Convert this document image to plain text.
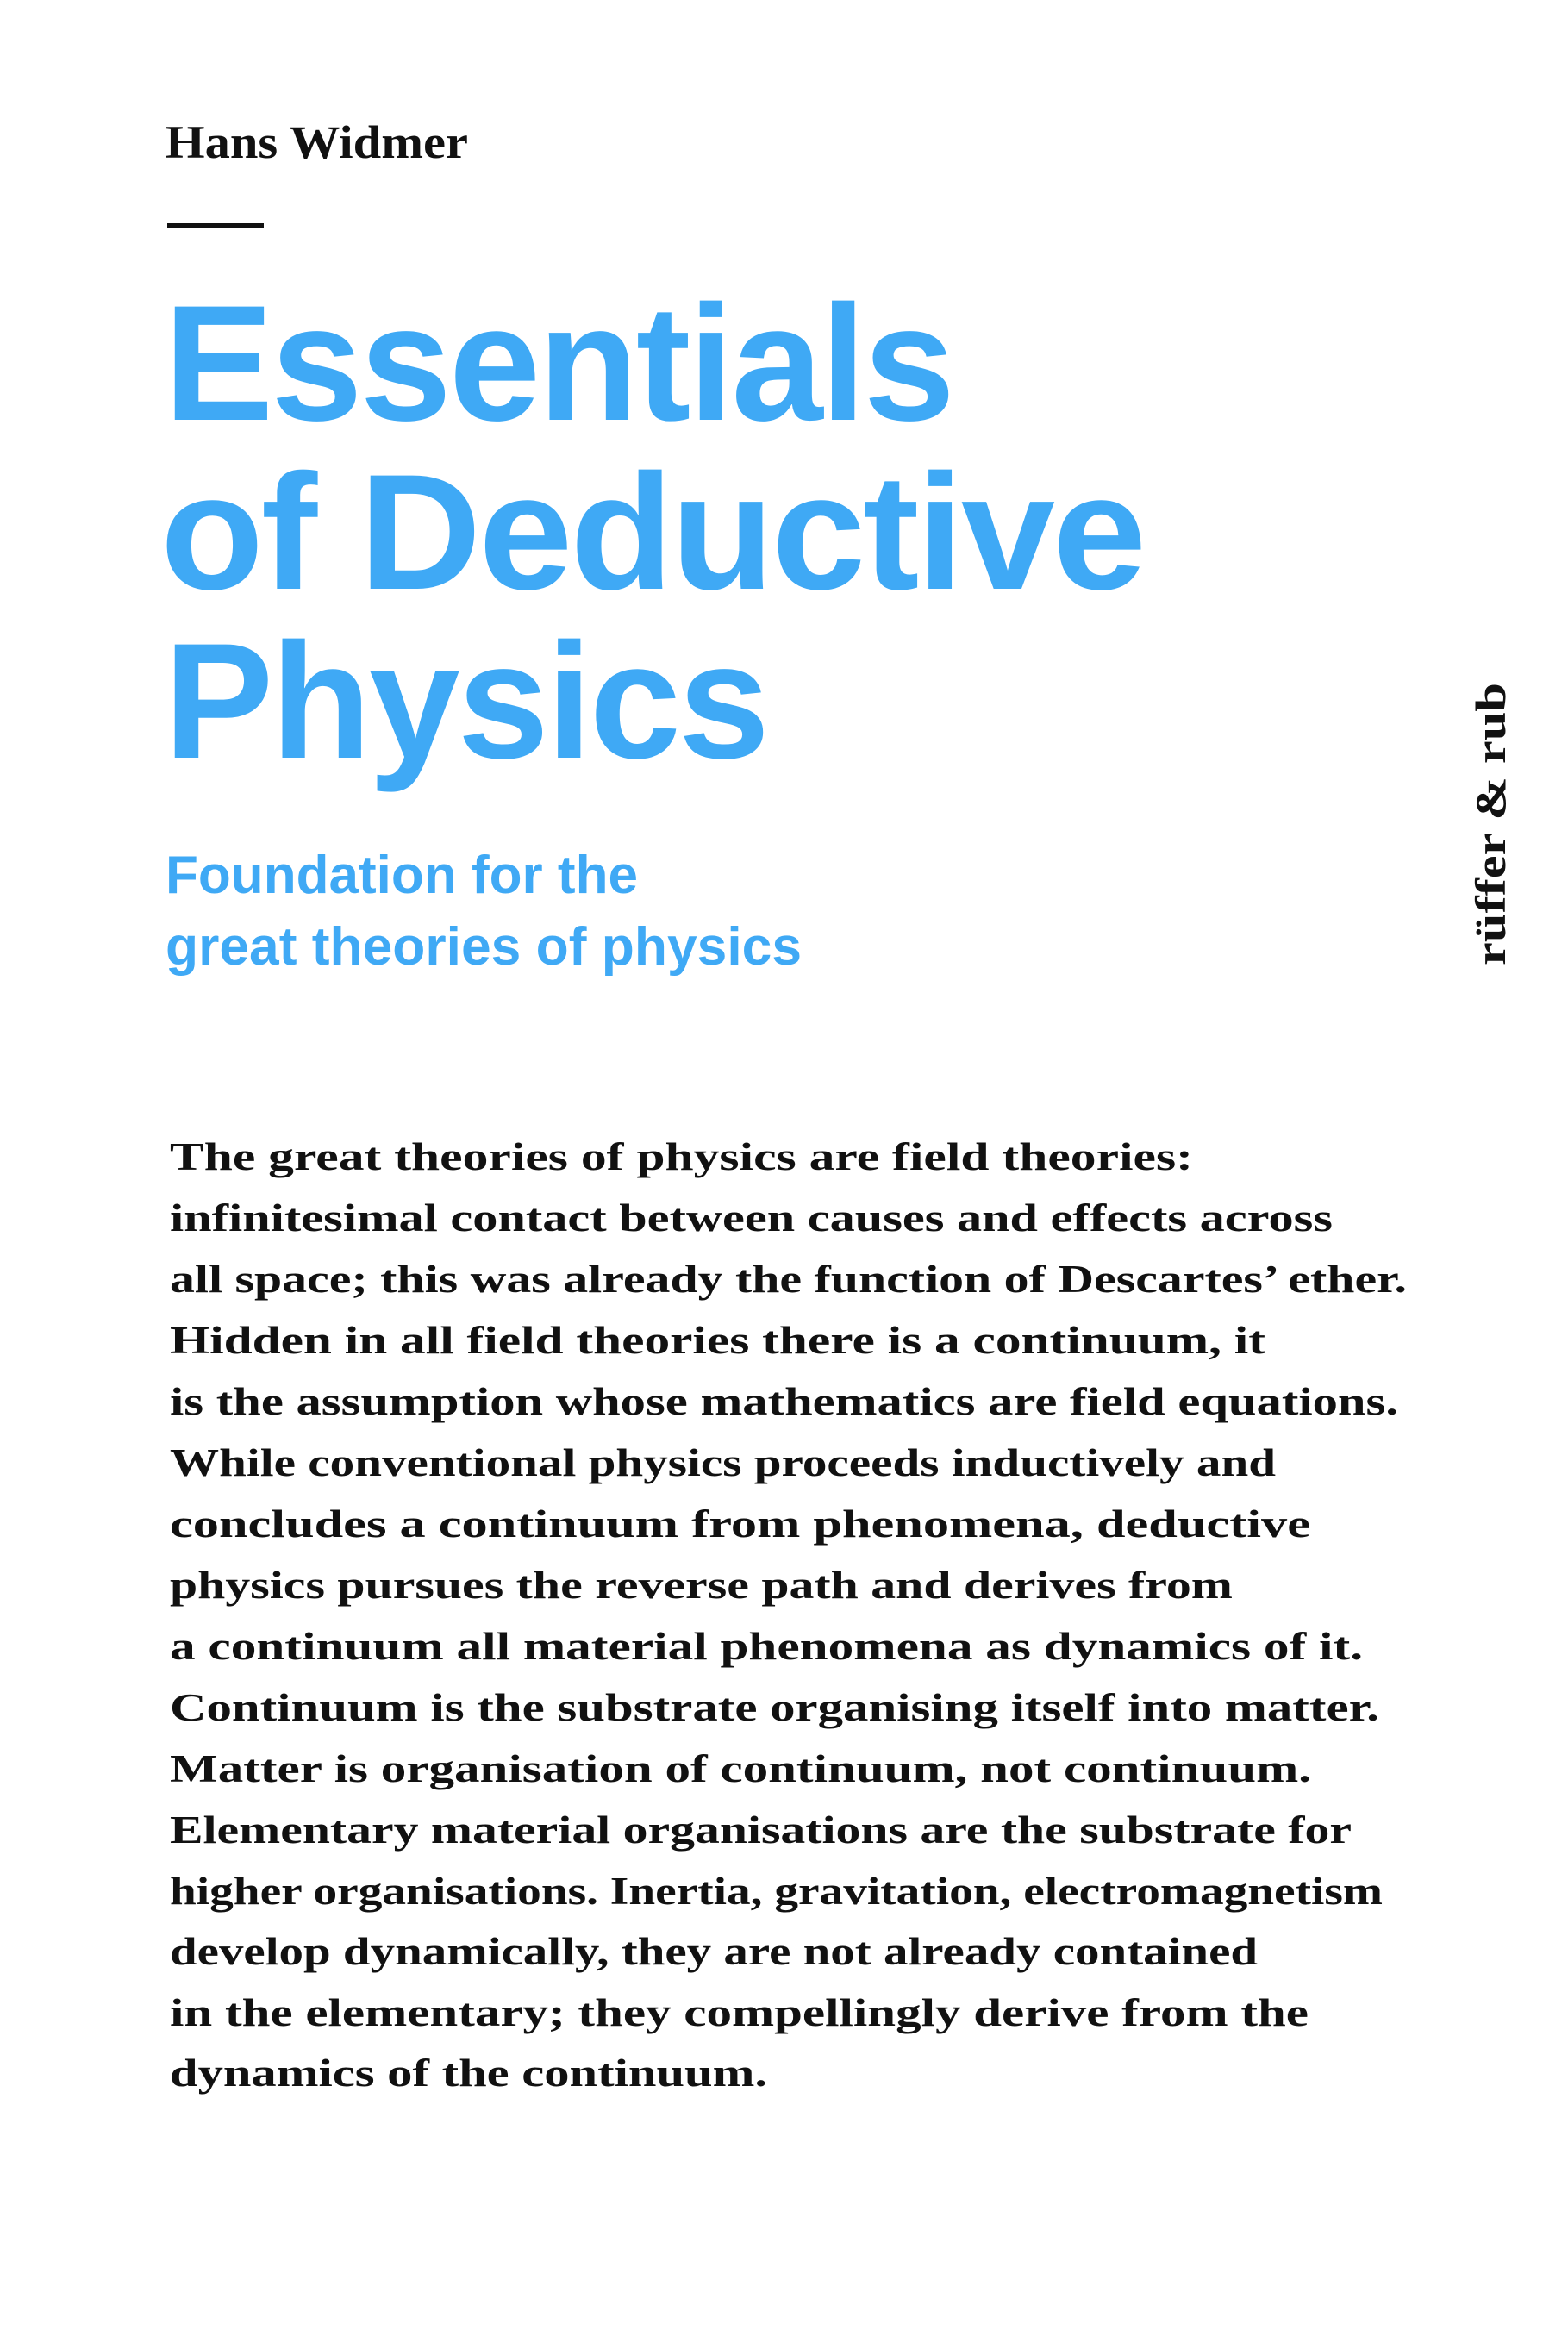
Hans Widmer
Essentials
of Deductive
Physics
Foundation for the
great theories of physics	rüffer & rub
The great theories of physics are field theories:
infinitesimal contact between causes and effects across
all space; this was already the function of Descartes’ ether.
Hidden in all field theories there is a continuum, it
is the assumption whose mathematics are field equations.
While conventional physics proceeds inductively and
concludes a continuum from phenomena, deductive
physics pursues the reverse path and derives from
a continuum all material phenomena as dynamics of it.
Continuum is the substrate organising itself into matter.
Matter is organisation of continuum, not continuum.
Elementary material organisations are the substrate for
higher organisations. Inertia, gravitation, electromagnetism
develop dynamically, they are not already contained
in the elementary; they compellingly derive from the
dynamics of the continuum.
